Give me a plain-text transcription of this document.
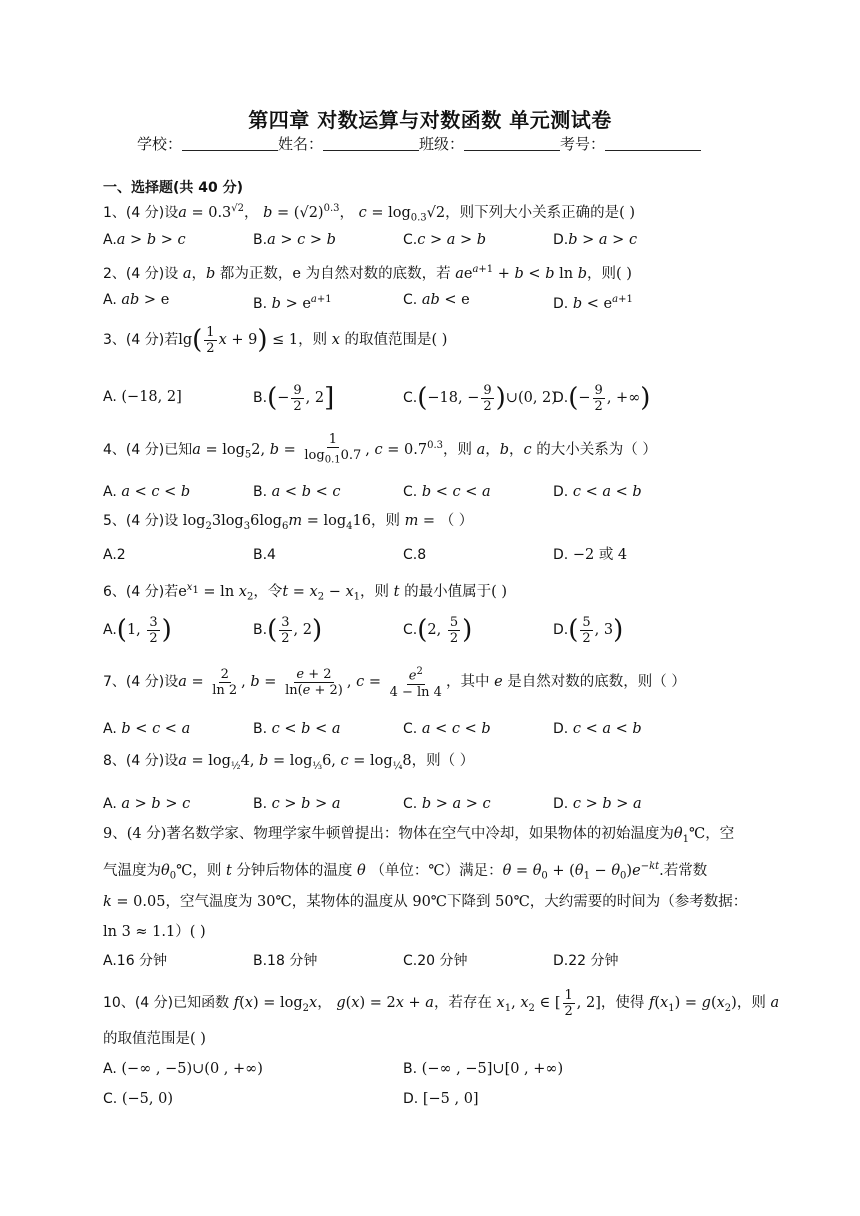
第四章 对数运算与对数函数 单元测试卷
学校：	姓名：	班级：	考号：
一、选择题(共 40 分)
1、(4 分)设$a = 0.3^{√2}$， $b = (√2)^{0.3}$， $c = \log_{0.3}√2$，则下列大小关系正确的是( )
A.a > b > c	B.a > c > b	C.c > a > b	D.b > a > c
2、(4 分)设 a，b 都为正数，e 为自然对数的底数，若 $ae^{a+1} + b < b$ ln b，则( )
A. ab > e	B. $b > e^{a+1}$	C. ab < e	D. $b < e^{a+1}$
3、(4 分)若$\lg( \frac{1}{2}$ x + 9) ≤ 1，则 x 的取值范围是( )
A. (−18, 2]	$B.(- \frac{9}{2}$ , 2]	C.(−18, − $\frac{9}{2}$ )∪(0, 2)
$D.(- \frac{9}{2}$ , +∞)
4、(4 分)已知$a = \log_52$, $b = \frac{1}{\log_{0.1}0.7}$ , $c = 0.7^{0.3}$，则 a，b，c 的大小关系为（ ）
A. a < c < b	B. a < b < c	C. b < c < a	D. c < a < b
5、(4 分)设 $\log_23\log_36\log_6m = \log_416$，则 m = （ ）
A.2	B.4	C.8	D. −2 或 4
6、(4 分)若$e^{x_1} = \ln x_2$，令$t = x_2 - x_1$，则 t 的最小值属于( )
A.(1, $\frac{3}{2}$ )	$B.( \frac{3}{2}$ , 2)	C.(2, $\frac{5}{2}$ )	$D.( \frac{5}{2}$ , 3)
7、(4 分)设$a = \frac{2}{\ln 2}$ , $b = \frac{e + 2}{\ln(e + 2)}$ , $c = \frac{e^2}{4 - \ln 4}$ ，其中 e 是自然对数的底数，则（ ）
A. b < c < a	B. c < b < a	C. a < c < b	D. c < a < b
8、(4 分)设$a = \log_{\frac{1}{2}}4$, $b = \log_{\frac{1}{3}}6$, $c = \log_{\frac{1}{4}}8$，则（ ）
A. a > b > c	B. c > b > a	C. b > a > c	D. c > b > a
9、(4 分)著名数学家、物理学家牛顿曾提出：物体在空气中冷却，如果物体的初始温度为$\theta_1℃$，空
气温度为$\theta_0℃$，则 t 分钟后物体的温度 θ （单位：℃）满足：$\theta = \theta_0 + (\theta_1 - \theta_0)e^{-kt}$.若常数
k = 0.05，空气温度为 30℃，某物体的温度从 90℃下降到 50℃，大约需要的时间为（参考数据：
ln 3 ≈ 1.1）( )
A.16 分钟	B.18 分钟	C.20 分钟	D.22 分钟
10、(4 分)已知函数 $f(x) = \log_2x$， g(x) = 2x + a，若存在 $x_1$, $x_2$ ∈ [ $\frac{1}{2}$ , 2]，使得 $f(x_1) = g(x_2)$，则 a
的取值范围是( )
A. (−∞ , −5)∪(0 , +∞)	B. (−∞ , −5]∪[0 , +∞)
C. (−5, 0)	D. [−5 , 0]
